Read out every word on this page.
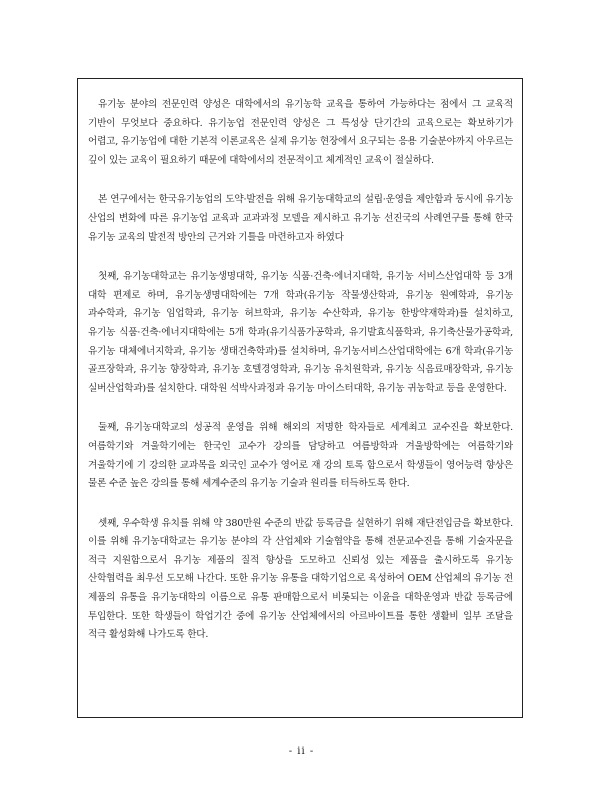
유기농 분야의 전문인력 양성은 대학에서의 유기농학 교육을 통하여 가능하다는 점에서 그 교육적 기반이 무엇보다 중요하다. 유기농업 전문인력 양성은 그 특성상 단기간의 교육으로는 확보하기가 어렵고, 유기농업에 대한 기본적 이론교육은 실제 유기농 현장에서 요구되는 응용 기술분야까지 아우르는 깊이 있는 교육이 필요하기 때문에 대학에서의 전문적이고 체계적인 교육이 절실하다.

본 연구에서는 한국유기농업의 도약·발전을 위해 유기농대학교의 설립·운영을 제안함과 동시에 유기농 산업의 변화에 따른 유기농업 교육과 교과과정 모델을 제시하고 유기농 선진국의 사례연구를 통해 한국 유기농 교육의 발전적 방안의 근거와 기틀을 마련하고자 하였다

첫째, 유기농대학교는 유기농생명대학, 유기농 식품·건축·에너지대학, 유기농 서비스산업대학 등 3개 대학 편제로 하며, 유기농생명대학에는 7개 학과(유기농 작물생산학과, 유기농 원예학과, 유기농 과수학과, 유기농 임업학과, 유기농 허브학과, 유기농 수산학과, 유기농 한방약재학과)를 설치하고, 유기농 식품·건축·에너지대학에는 5개 학과(유기식품가공학과, 유기발효식품학과, 유기축산물가공학과, 유기농 대체에너지학과, 유기농 생태건축학과)를 설치하며, 유기농서비스산업대학에는 6개 학과(유기농 골프장학과, 유기농 향장학과, 유기농 호텔경영학과, 유기농 유치원학과, 유기농 식음료매장학과, 유기농 실버산업학과)를 설치한다. 대학원 석박사과정과 유기농 마이스터대학, 유기농 귀농학교 등을 운영한다.

둘째, 유기농대학교의 성공적 운영을 위해 해외의 저명한 학자들로 세계최고 교수진을 확보한다. 여름학기와 겨울학기에는 한국인 교수가 강의를 담당하고 여름방학과 겨울방학에는 여름학기와 겨울학기에 기 강의한 교과목을 외국인 교수가 영어로 재 강의 토록 함으로서 학생들이 영어능력 향상은 물론 수준 높은 강의를 통해 세계수준의 유기농 기술과 원리를 터득하도록 한다.

셋째, 우수학생 유치를 위해 약 380만원 수준의 반값 등록금을 실현하기 위해 재단전입금을 확보한다. 이를 위해 유기농대학교는 유기농 분야의 각 산업체와 기술협약을 통해 전문교수진을 통해 기술자문을 적극 지원함으로서 유기농 제품의 질적 향상을 도모하고 신뢰성 있는 제품을 출시하도록 유기농 산학협력을 최우선 도모해 나간다. 또한 유기농 유통을 대학기업으로 육성하여 OEM 산업체의 유기농 전 제품의 유통을 유기농대학의 이름으로 유통 판매함으로서 비롯되는 이윤을 대학운영과 반값 등록금에 투입한다. 또한 학생들이 학업기간 중에 유기농 산업체에서의 아르바이트를 통한 생활비 일부 조달을 적극 활성화해 나가도록 한다.

- ii -
